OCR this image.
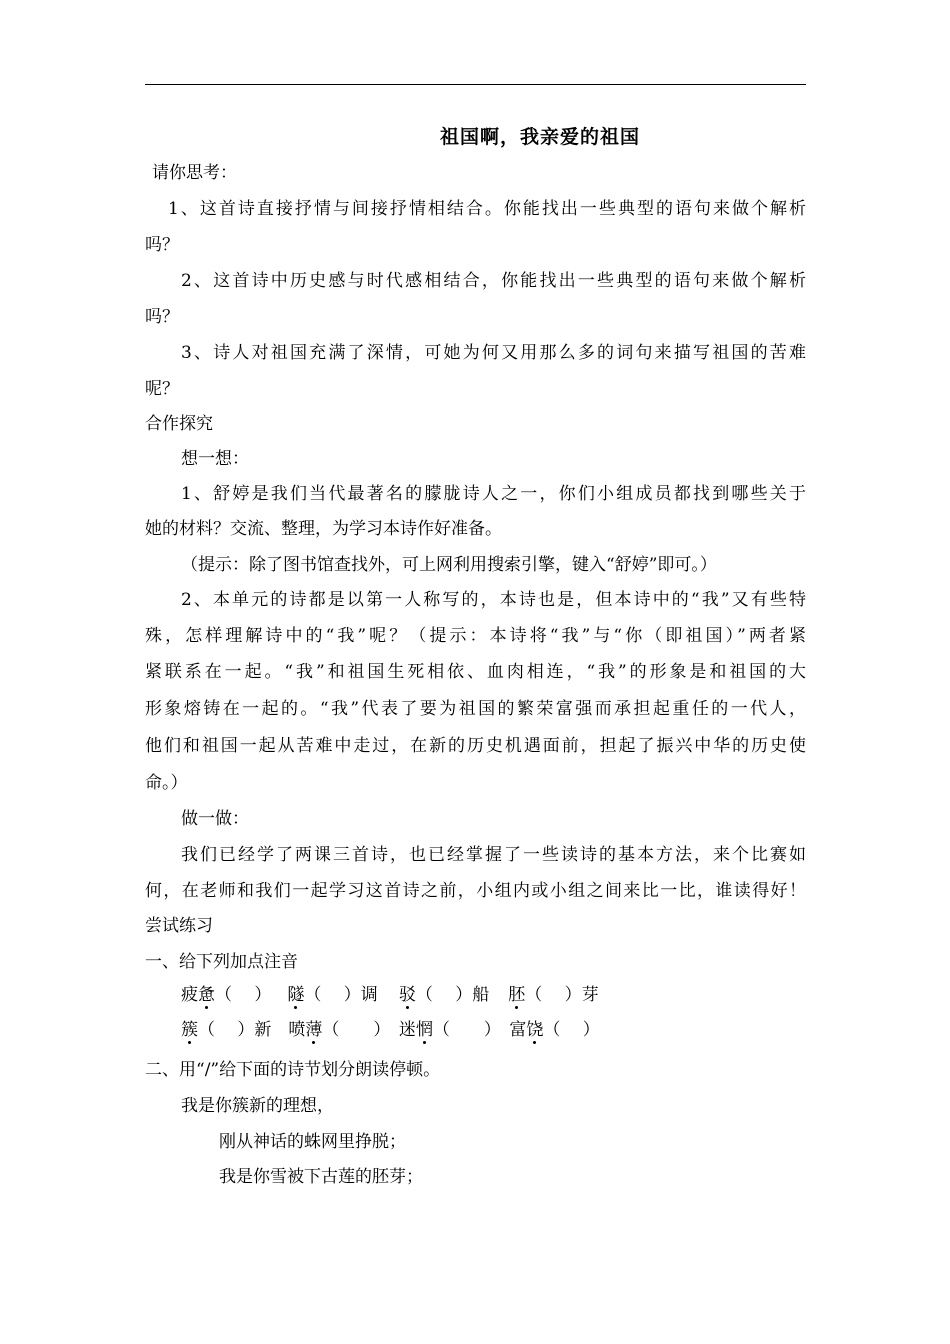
祖国啊，我亲爱的祖国
请你思考：
1、这首诗直接抒情与间接抒情相结合。你能找出一些典型的语句来做个解析
吗？
2、这首诗中历史感与时代感相结合，你能找出一些典型的语句来做个解析
吗？
3、诗人对祖国充满了深情，可她为何又用那么多的词句来描写祖国的苦难
呢？
合作探究
想一想：
1、舒婷是我们当代最著名的朦胧诗人之一，你们小组成员都找到哪些关于
她的材料？交流、整理，为学习本诗作好准备。
（提示：除了图书馆查找外，可上网利用搜索引擎，键入“舒婷”即可。）
2、本单元的诗都是以第一人称写的，本诗也是，但本诗中的“我”又有些特
殊，怎样理解诗中的“我”呢？（提示：本诗将“我”与“你（即祖国）”两者紧
紧联系在一起。“我”和祖国生死相依、血肉相连，“我”的形象是和祖国的大
形象熔铸在一起的。“我”代表了要为祖国的繁荣富强而承担起重任的一代人，
他们和祖国一起从苦难中走过，在新的历史机遇面前，担起了振兴中华的历史使
命。）
做一做：
我们已经学了两课三首诗，也已经掌握了一些读诗的基本方法，来个比赛如
何，在老师和我们一起学习这首诗之前，小组内或小组之间来比一比，谁读得好！
尝试练习
一、给下列加点注音
疲惫（　 ） 隧（　 ）调　驳（　 ）船　胚（　 ）芽
簇（　 ）新　喷薄（　　）　迷惘（　　）　富饶（　 ）
二、用“/”给下面的诗节划分朗读停顿。
我是你簇新的理想，
刚从神话的蛛网里挣脱；
我是你雪被下古莲的胚芽；
